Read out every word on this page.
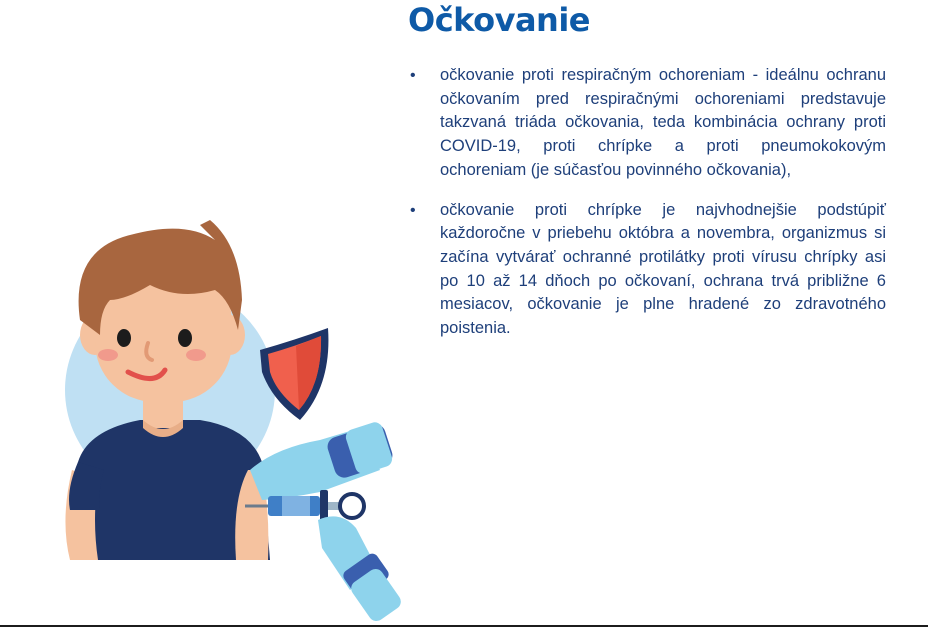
Očkovanie
•	očkovanie proti respiračným ochoreniam - ideálnu ochranu očkovaním pred respiračnými ochoreniami predstavuje takzvaná triáda očkovania, teda kombinácia ochrany proti COVID-19, proti chrípke a proti pneumokokovým ochoreniam (je súčasťou povinného očkovania),
•	očkovanie proti chrípke je najvhodnejšie podstúpiť každoročne v priebehu októbra a novembra, organizmus si začína vytvárať ochranné protilátky proti vírusu chrípky asi po 10 až 14 dňoch po očkovaní, ochrana trvá približne 6 mesiacov, očkovanie je plne hradené zo zdravotného poistenia.
